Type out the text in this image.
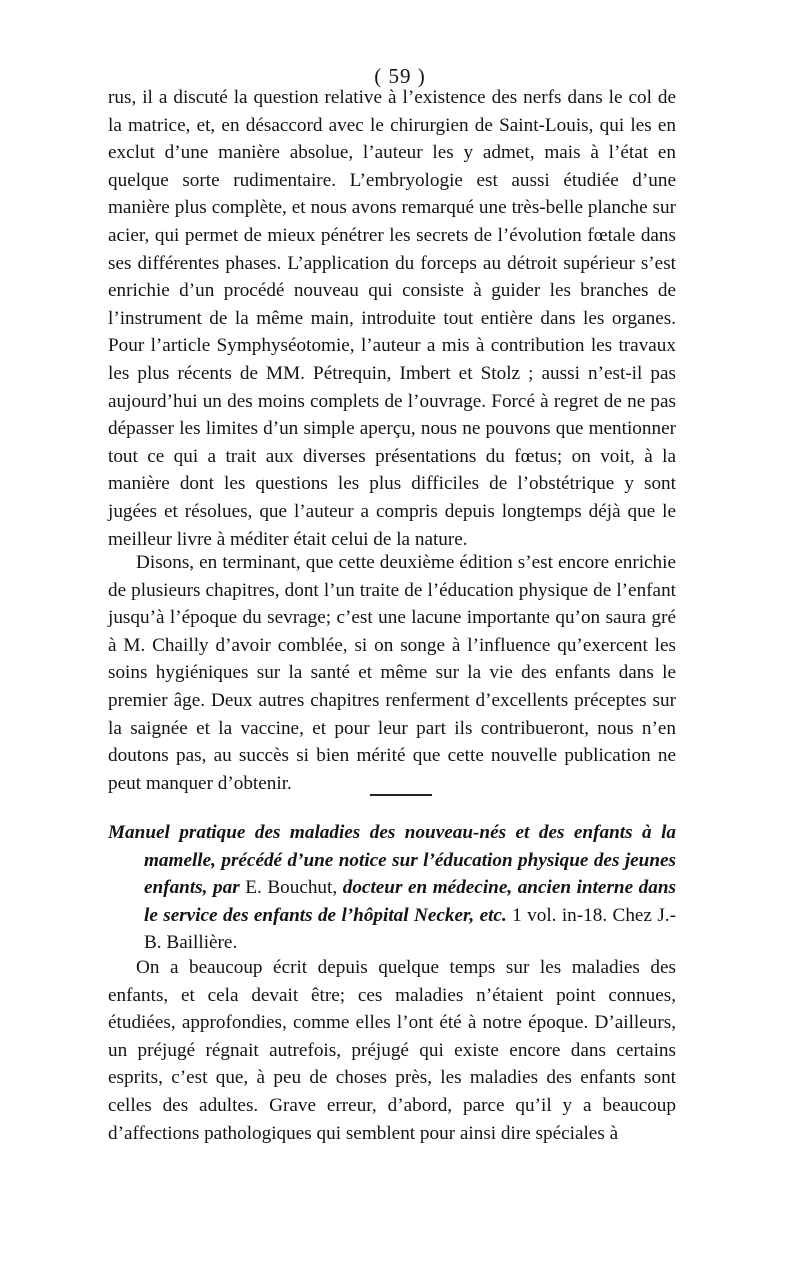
( 59 )

rus, il a discuté la question relative à l’existence des nerfs dans le col de la matrice, et, en désaccord avec le chirurgien de Saint-Louis, qui les en exclut d’une manière absolue, l’auteur les y admet, mais à l’état en quelque sorte rudimentaire. L’embryologie est aussi étudiée d’une manière plus complète, et nous avons remarqué une très-belle planche sur acier, qui permet de mieux pénétrer les secrets de l’évolution fœtale dans ses différentes phases. L’application du forceps au détroit supérieur s’est enrichie d’un procédé nouveau qui consiste à guider les branches de l’instrument de la même main, introduite tout entière dans les organes. Pour l’article Symphyséotomie, l’auteur a mis à contribution les travaux les plus récents de MM. Pétrequin, Imbert et Stolz ; aussi n’est-il pas aujourd’hui un des moins complets de l’ouvrage. Forcé à regret de ne pas dépasser les limites d’un simple aperçu, nous ne pouvons que mentionner tout ce qui a trait aux diverses présentations du fœtus; on voit, à la manière dont les questions les plus difficiles de l’obstétrique y sont jugées et résolues, que l’auteur a compris depuis longtemps déjà que le meilleur livre à méditer était celui de la nature.

Disons, en terminant, que cette deuxième édition s’est encore enrichie de plusieurs chapitres, dont l’un traite de l’éducation physique de l’enfant jusqu’à l’époque du sevrage; c’est une lacune importante qu’on saura gré à M. Chailly d’avoir comblée, si on songe à l’influence qu’exercent les soins hygiéniques sur la santé et même sur la vie des enfants dans le premier âge. Deux autres chapitres renferment d’excellents préceptes sur la saignée et la vaccine, et pour leur part ils contribueront, nous n’en doutons pas, au succès si bien mérité que cette nouvelle publication ne peut manquer d’obtenir.

Manuel pratique des maladies des nouveau-nés et des enfants à la mamelle, précédé d’une notice sur l’éducation physique des jeunes enfants, par E. Bouchut, docteur en médecine, ancien interne dans le service des enfants de l’hôpital Necker, etc. 1 vol. in-18. Chez J.-B. Baillière.

On a beaucoup écrit depuis quelque temps sur les maladies des enfants, et cela devait être; ces maladies n’étaient point connues, étudiées, approfondies, comme elles l’ont été à notre époque. D’ailleurs, un préjugé régnait autrefois, préjugé qui existe encore dans certains esprits, c’est que, à peu de choses près, les maladies des enfants sont celles des adultes. Grave erreur, d’abord, parce qu’il y a beaucoup d’affections pathologiques qui semblent pour ainsi dire spéciales à
